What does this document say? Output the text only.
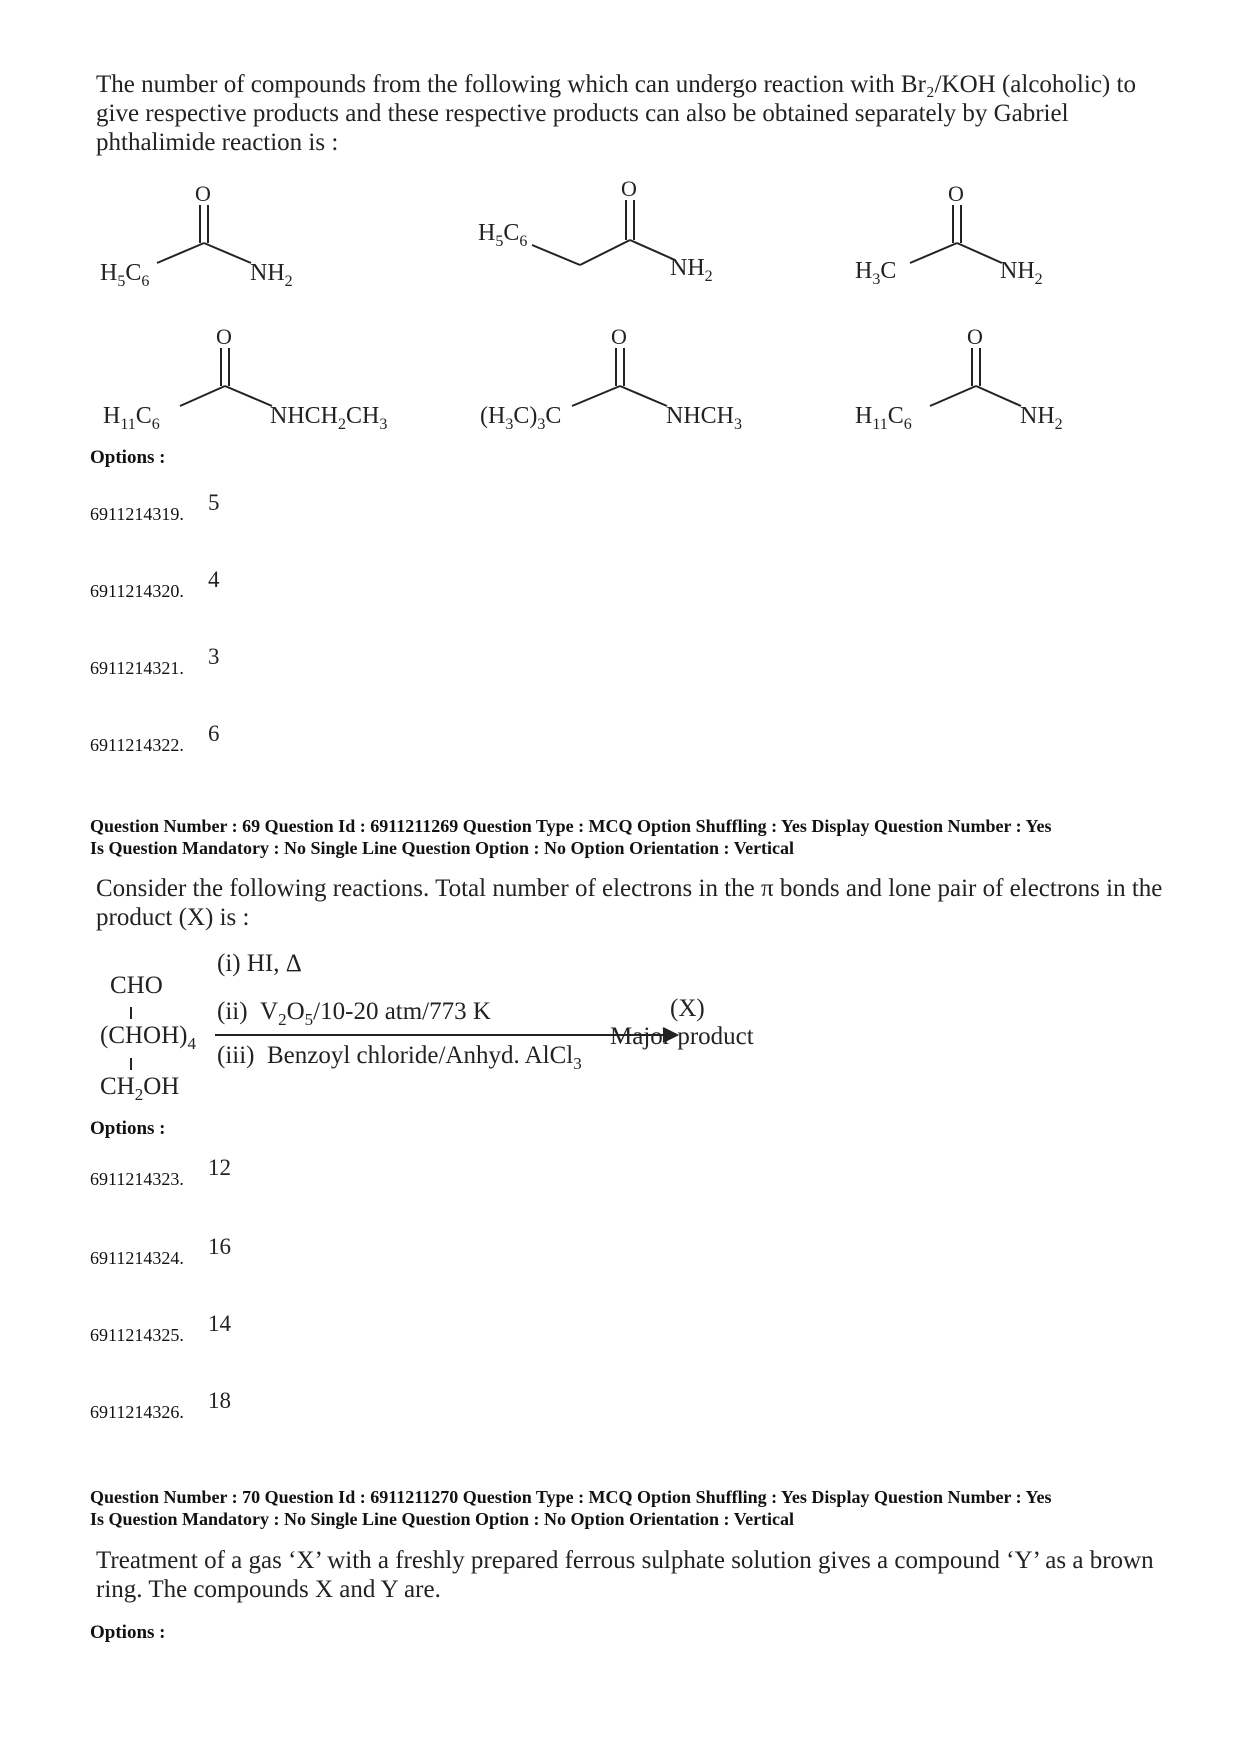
The number of compounds from the following which can undergo reaction with Br₂/KOH (alcoholic) to give respective products and these respective products can also be obtained separately by Gabriel phthalimide reaction is :
O
$H_5C_6$	$NH_2$
O
$H_5C_6$
$NH_2$
O
$H_3C$	$NH_2$
O
$H_{11}C_6$	$NHCH_2CH_3$
O
$(H_3C)_3C$	$NHCH_3$
O
$H_{11}C_6$	$NH_2$
Options :
6911214319. 5
6911214320. 4
6911214321. 3
6911214322. 6
Question Number : 69 Question Id : 6911211269 Question Type : MCQ Option Shuffling : Yes Display Question Number : Yes
Is Question Mandatory : No Single Line Question Option : No Option Orientation : Vertical
Consider the following reactions. Total number of electrons in the π bonds and lone pair of electrons in the product (X) is :
CHO
$(CHOH)_4$
$CH_2OH$
(i) HI, Δ
(ii)  $V_2O_5/10-20$ atm/773 K
(iii)  Benzoyl chloride/Anhyd. AlCl$_3$
(X)
Major product
Options :
6911214323. 12
6911214324. 16
6911214325. 14
6911214326. 18
Question Number : 70 Question Id : 6911211270 Question Type : MCQ Option Shuffling : Yes Display Question Number : Yes
Is Question Mandatory : No Single Line Question Option : No Option Orientation : Vertical
Treatment of a gas ‘X’ with a freshly prepared ferrous sulphate solution gives a compound ‘Y’ as a brown ring. The compounds X and Y are.
Options :
